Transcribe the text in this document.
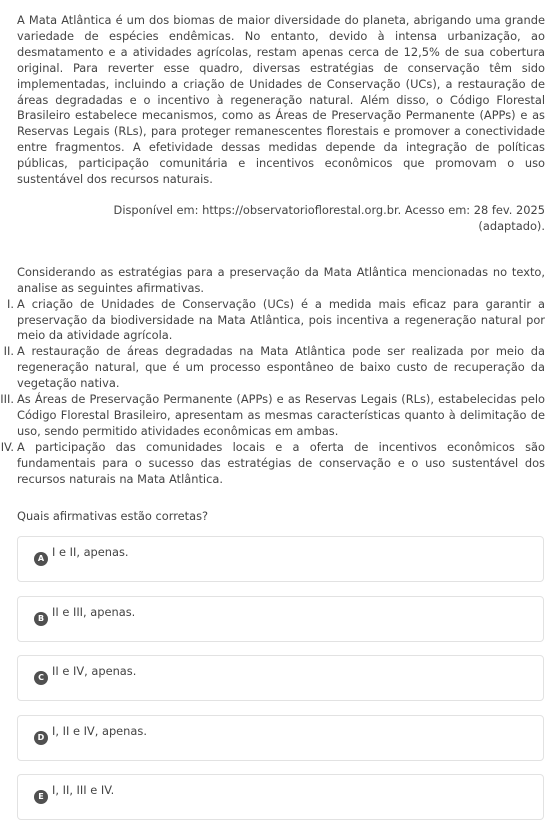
A Mata Atlântica é um dos biomas de maior diversidade do planeta, abrigando uma grande variedade de espécies endêmicas. No entanto, devido à intensa urbanização, ao desmatamento e a atividades agrícolas, restam apenas cerca de 12,5% de sua cobertura original. Para reverter esse quadro, diversas estratégias de conservação têm sido implementadas, incluindo a criação de Unidades de Conservação (UCs), a restauração de áreas degradadas e o incentivo à regeneração natural. Além disso, o Código Florestal Brasileiro estabelece mecanismos, como as Áreas de Preservação Permanente (APPs) e as Reservas Legais (RLs), para proteger remanescentes florestais e promover a conectividade entre fragmentos. A efetividade dessas medidas depende da integração de políticas públicas, participação comunitária e incentivos econômicos que promovam o uso sustentável dos recursos naturais.

Disponível em: https://observatorioflorestal.org.br. Acesso em: 28 fev. 2025
(adaptado).

Considerando as estratégias para a preservação da Mata Atlântica mencionadas no texto, analise as seguintes afirmativas.

I. A criação de Unidades de Conservação (UCs) é a medida mais eficaz para garantir a preservação da biodiversidade na Mata Atlântica, pois incentiva a regeneração natural por meio da atividade agrícola.

II. A restauração de áreas degradadas na Mata Atlântica pode ser realizada por meio da regeneração natural, que é um processo espontâneo de baixo custo de recuperação da vegetação nativa.

III. As Áreas de Preservação Permanente (APPs) e as Reservas Legais (RLs), estabelecidas pelo Código Florestal Brasileiro, apresentam as mesmas características quanto à delimitação de uso, sendo permitido atividades econômicas em ambas.

IV. A participação das comunidades locais e a oferta de incentivos econômicos são fundamentais para o sucesso das estratégias de conservação e o uso sustentável dos recursos naturais na Mata Atlântica.

Quais afirmativas estão corretas?

A I e II, apenas.
B II e III, apenas.
C II e IV, apenas.
D I, II e IV, apenas.
E I, II, III e IV.
